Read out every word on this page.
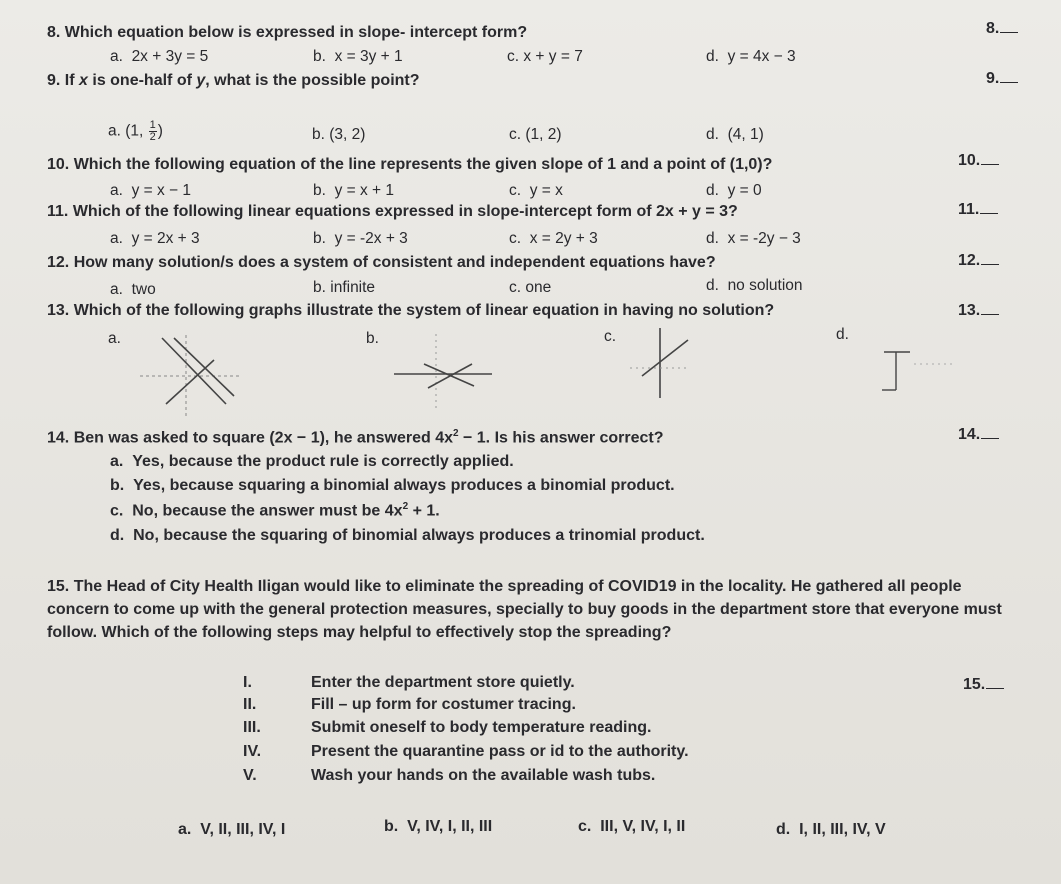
8. Which equation below is expressed in slope- intercept form?	8.
a. 2x + 3y = 5	b. x = 3y + 1	c. x + y = 7	d. y = 4x − 3
9. If x is one-half of y, what is the possible point?	9.
a. (1, $\frac{1}{2}$ )	b. (3, 2)	c. (1, 2)	d. (4, 1)
10. Which the following equation of the line represents the given slope of 1 and a point of (1,0)?	10.
a. y = x − 1	b. y = x + 1	c. y = x	d. y = 0
11. Which of the following linear equations expressed in slope-intercept form of 2x + y = 3?	11.
a. y = 2x + 3	b. y = -2x + 3	c. x = 2y + 3	d. x = -2y − 3
12. How many solution/s does a system of consistent and independent equations have?	12.
a. two	b. infinite	c. one	d. no solution
13. Which of the following graphs illustrate the system of linear equation in having no solution?	13.
a.	b.	c.	d.
14. Ben was asked to square (2x − 1), he answered $4x^2 - 1$. Is his answer correct?	14.
a. Yes, because the product rule is correctly applied.
b. Yes, because squaring a binomial always produces a binomial product.
c. No, because the answer must be $4x^2 + 1$.
d. No, because the squaring of binomial always produces a trinomial product.
15. The Head of City Health Iligan would like to eliminate the spreading of COVID19 in the locality. He gathered all people concern to come up with the general protection measures, specially to buy goods in the department store that everyone must follow. Which of the following steps may helpful to effectively stop the spreading?
15.
I.	Enter the department store quietly.
II.	Fill – up form for costumer tracing.
III.	Submit oneself to body temperature reading.
IV.	Present the quarantine pass or id to the authority.
V.	Wash your hands on the available wash tubs.
a. V, II, III, IV, I	b. V, IV, I, II, III	c. III, V, IV, I, II	d. I, II, III, IV, V
